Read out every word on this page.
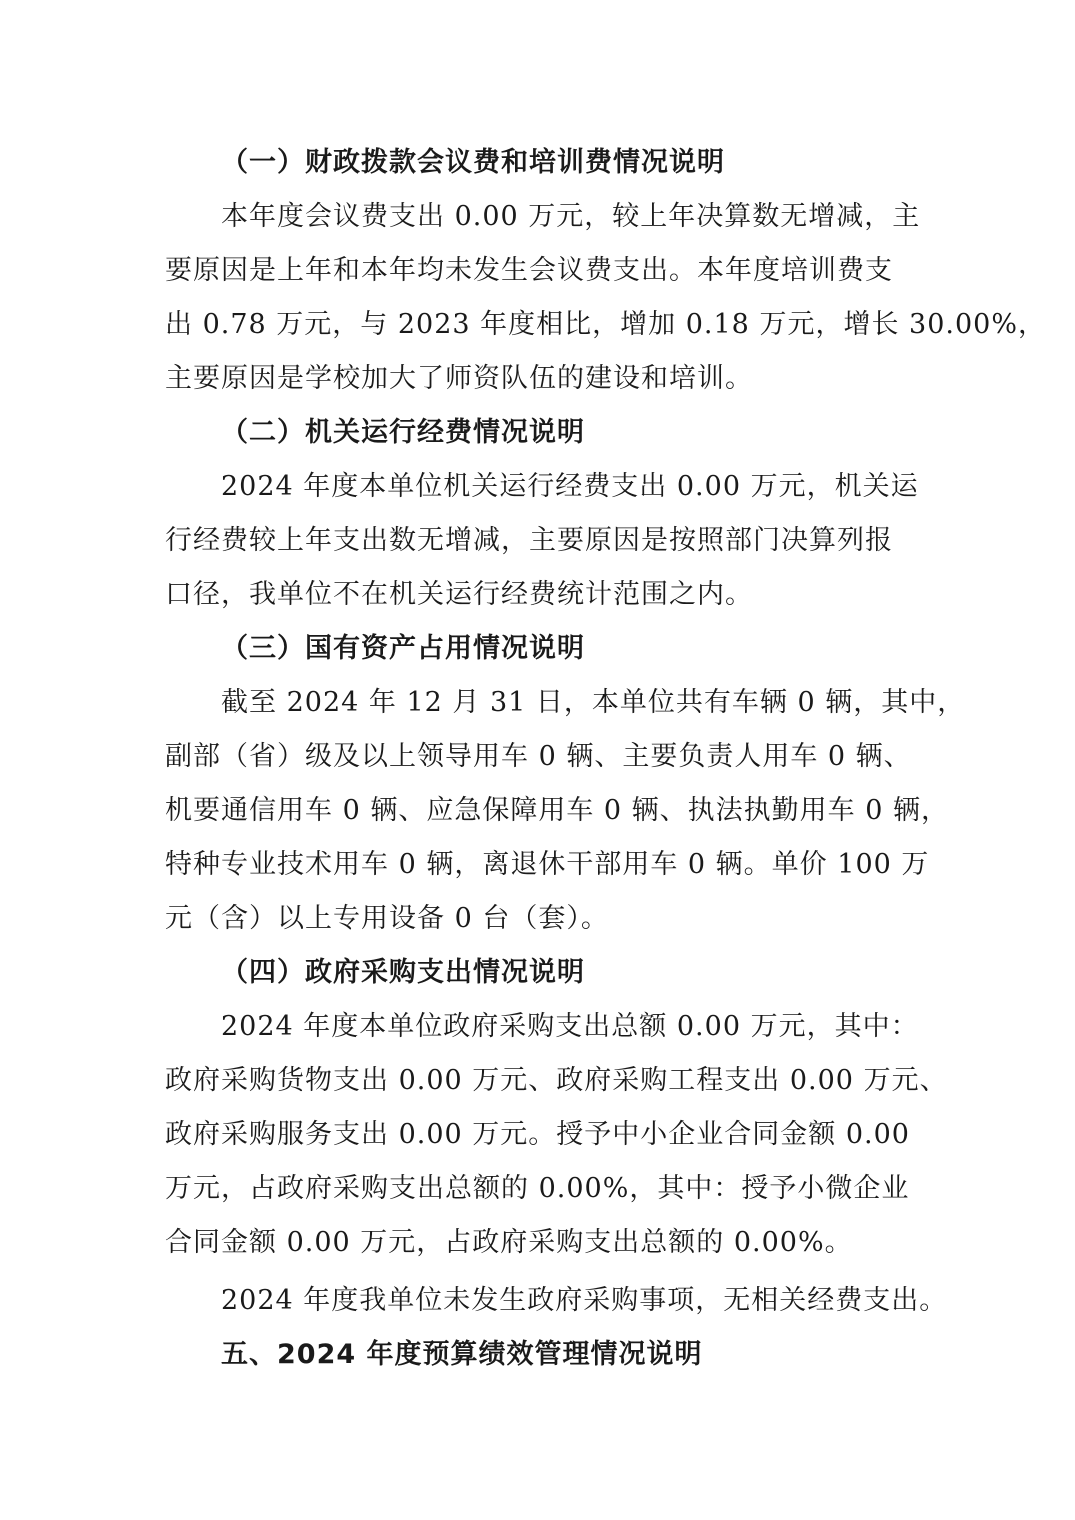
（一）财政拨款会议费和培训费情况说明
本年度会议费支出 0.00 万元，较上年决算数无增减，主
要原因是上年和本年均未发生会议费支出。本年度培训费支
出 0.78 万元，与 2023 年度相比，增加 0.18 万元，增长 30.00%，
主要原因是学校加大了师资队伍的建设和培训。
（二）机关运行经费情况说明
2024 年度本单位机关运行经费支出 0.00 万元，机关运
行经费较上年支出数无增减，主要原因是按照部门决算列报
口径，我单位不在机关运行经费统计范围之内。
（三）国有资产占用情况说明
截至 2024 年 12 月 31 日，本单位共有车辆 0 辆，其中，
副部（省）级及以上领导用车 0 辆、主要负责人用车 0 辆、
机要通信用车 0 辆、应急保障用车 0 辆、执法执勤用车 0 辆，
特种专业技术用车 0 辆，离退休干部用车 0 辆。单价 100 万
元（含）以上专用设备 0 台（套）。
（四）政府采购支出情况说明
2024 年度本单位政府采购支出总额 0.00 万元，其中：
政府采购货物支出 0.00 万元、政府采购工程支出 0.00 万元、
政府采购服务支出 0.00 万元。授予中小企业合同金额 0.00
万元，占政府采购支出总额的 0.00%，其中：授予小微企业
合同金额 0.00 万元，占政府采购支出总额的 0.00%。
2024 年度我单位未发生政府采购事项，无相关经费支出。
五、2024 年度预算绩效管理情况说明
